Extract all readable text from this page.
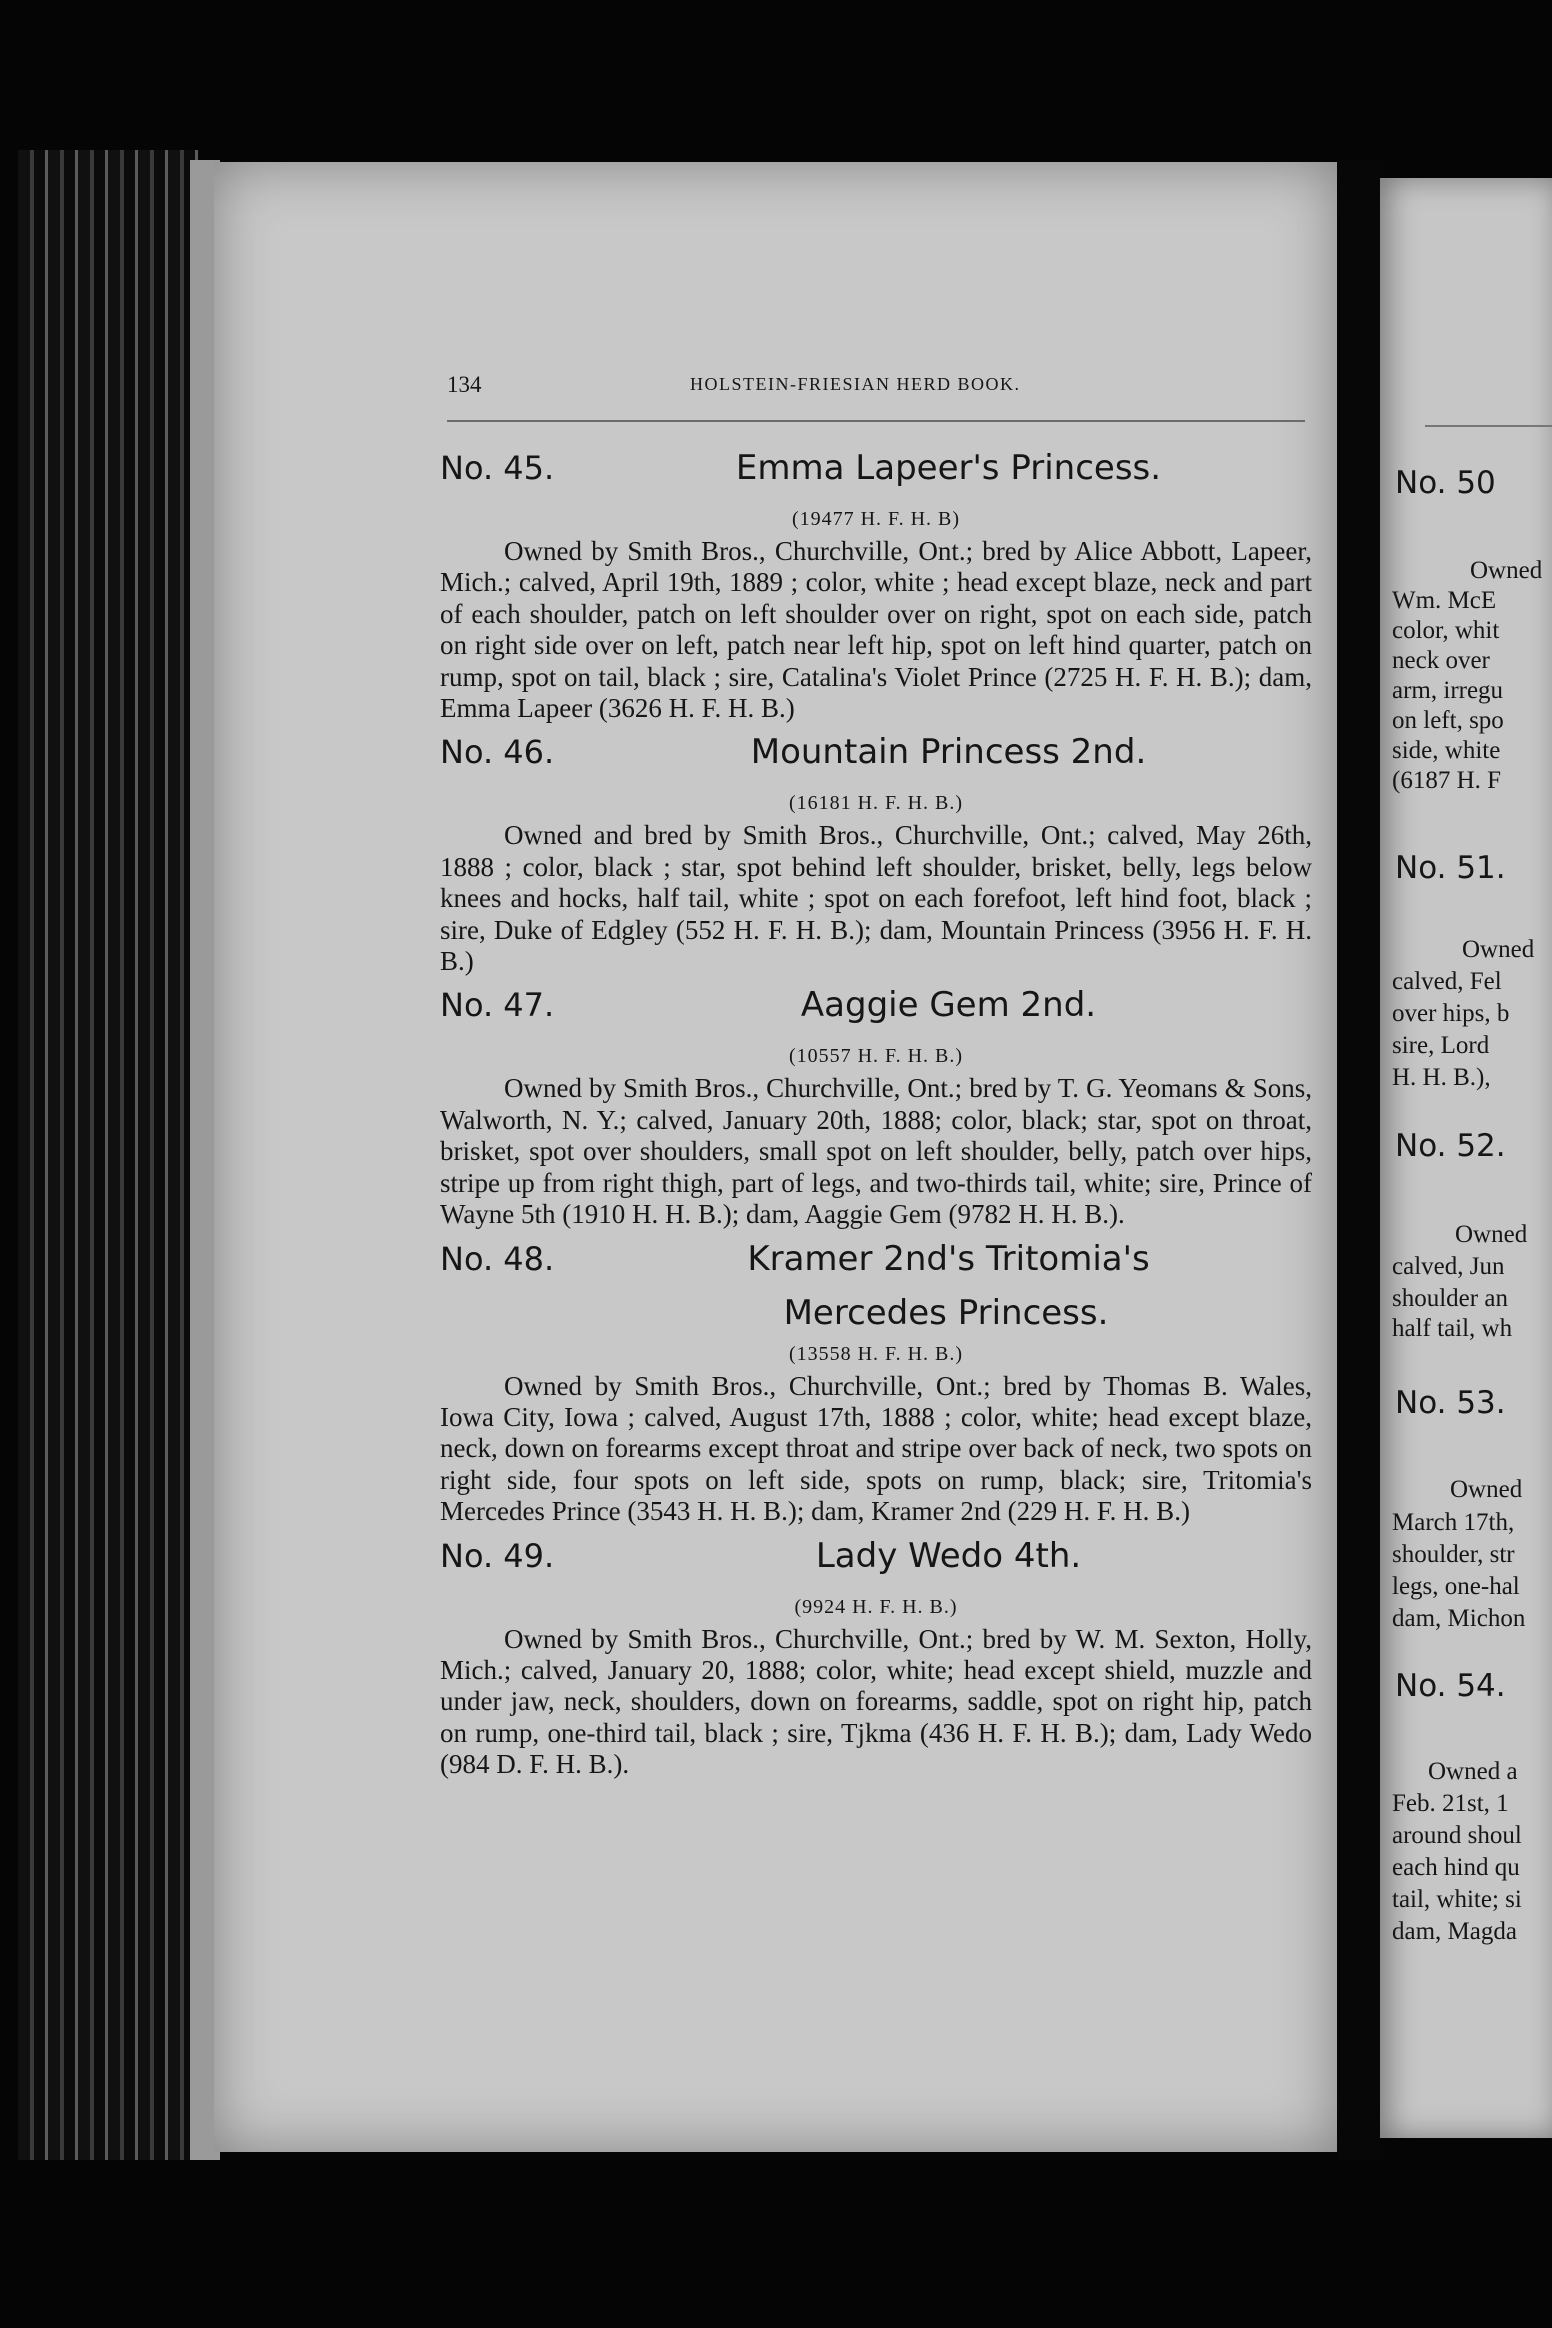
134	HOLSTEIN-FRIESIAN HERD BOOK.
No. 45.	Emma Lapeer's Princess.
(19477 H. F. H. B)

Owned by Smith Bros., Churchville, Ont.; bred by Alice Abbott, Lapeer, Mich.; calved, April 19th, 1889 ; color, white ; head except blaze, neck and part of each shoulder, patch on left shoulder over on right, spot on each side, patch on right side over on left, patch near left hip, spot on left hind quarter, patch on rump, spot on tail, black ; sire, Catalina's Violet Prince (2725 H. F. H. B.); dam, Emma Lapeer (3626 H. F. H. B.)

No. 46.	Mountain Princess 2nd.
(16181 H. F. H. B.)

Owned and bred by Smith Bros., Churchville, Ont.; calved, May 26th, 1888 ; color, black ; star, spot behind left shoulder, brisket, belly, legs below knees and hocks, half tail, white ; spot on each forefoot, left hind foot, black ; sire, Duke of Edgley (552 H. F. H. B.); dam, Mountain Princess (3956 H. F. H. B.)

No. 47.	Aaggie Gem 2nd.
(10557 H. F. H. B.)

Owned by Smith Bros., Churchville, Ont.; bred by T. G. Yeomans & Sons, Walworth, N. Y.; calved, January 20th, 1888; color, black; star, spot on throat, brisket, spot over shoulders, small spot on left shoulder, belly, patch over hips, stripe up from right thigh, part of legs, and two-thirds tail, white; sire, Prince of Wayne 5th (1910 H. H. B.); dam, Aaggie Gem (9782 H. H. B.).

No. 48.	Kramer 2nd's Tritomia's
Mercedes Princess.
(13558 H. F. H. B.)

Owned by Smith Bros., Churchville, Ont.; bred by Thomas B. Wales, Iowa City, Iowa ; calved, August 17th, 1888 ; color, white; head except blaze, neck, down on forearms except throat and stripe over back of neck, two spots on right side, four spots on left side, spots on rump, black; sire, Tritomia's Mercedes Prince (3543 H. H. B.); dam, Kramer 2nd (229 H. F. H. B.)

No. 49.	Lady Wedo 4th.
(9924 H. F. H. B.)

Owned by Smith Bros., Churchville, Ont.; bred by W. M. Sexton, Holly, Mich.; calved, January 20, 1888; color, white; head except shield, muzzle and under jaw, neck, shoulders, down on forearms, saddle, spot on right hip, patch on rump, one-third tail, black ; sire, Tjkma (436 H. F. H. B.); dam, Lady Wedo (984 D. F. H. B.).

No. 50
Owned
Wm. McE
color, whit
neck over
arm, irregu
on left, spo
side, white
(6187 H. F
No. 51.
Owned
calved, Fel
over hips, b
sire, Lord
H. H. B.),
No. 52.
Owned
calved, Jun
shoulder an
half tail, wh
No. 53.
Owned
March 17th,
shoulder, str
legs, one-hal
dam, Michon
No. 54.
Owned a
Feb. 21st, 1
around shoul
each hind qu
tail, white; si
dam, Magda
